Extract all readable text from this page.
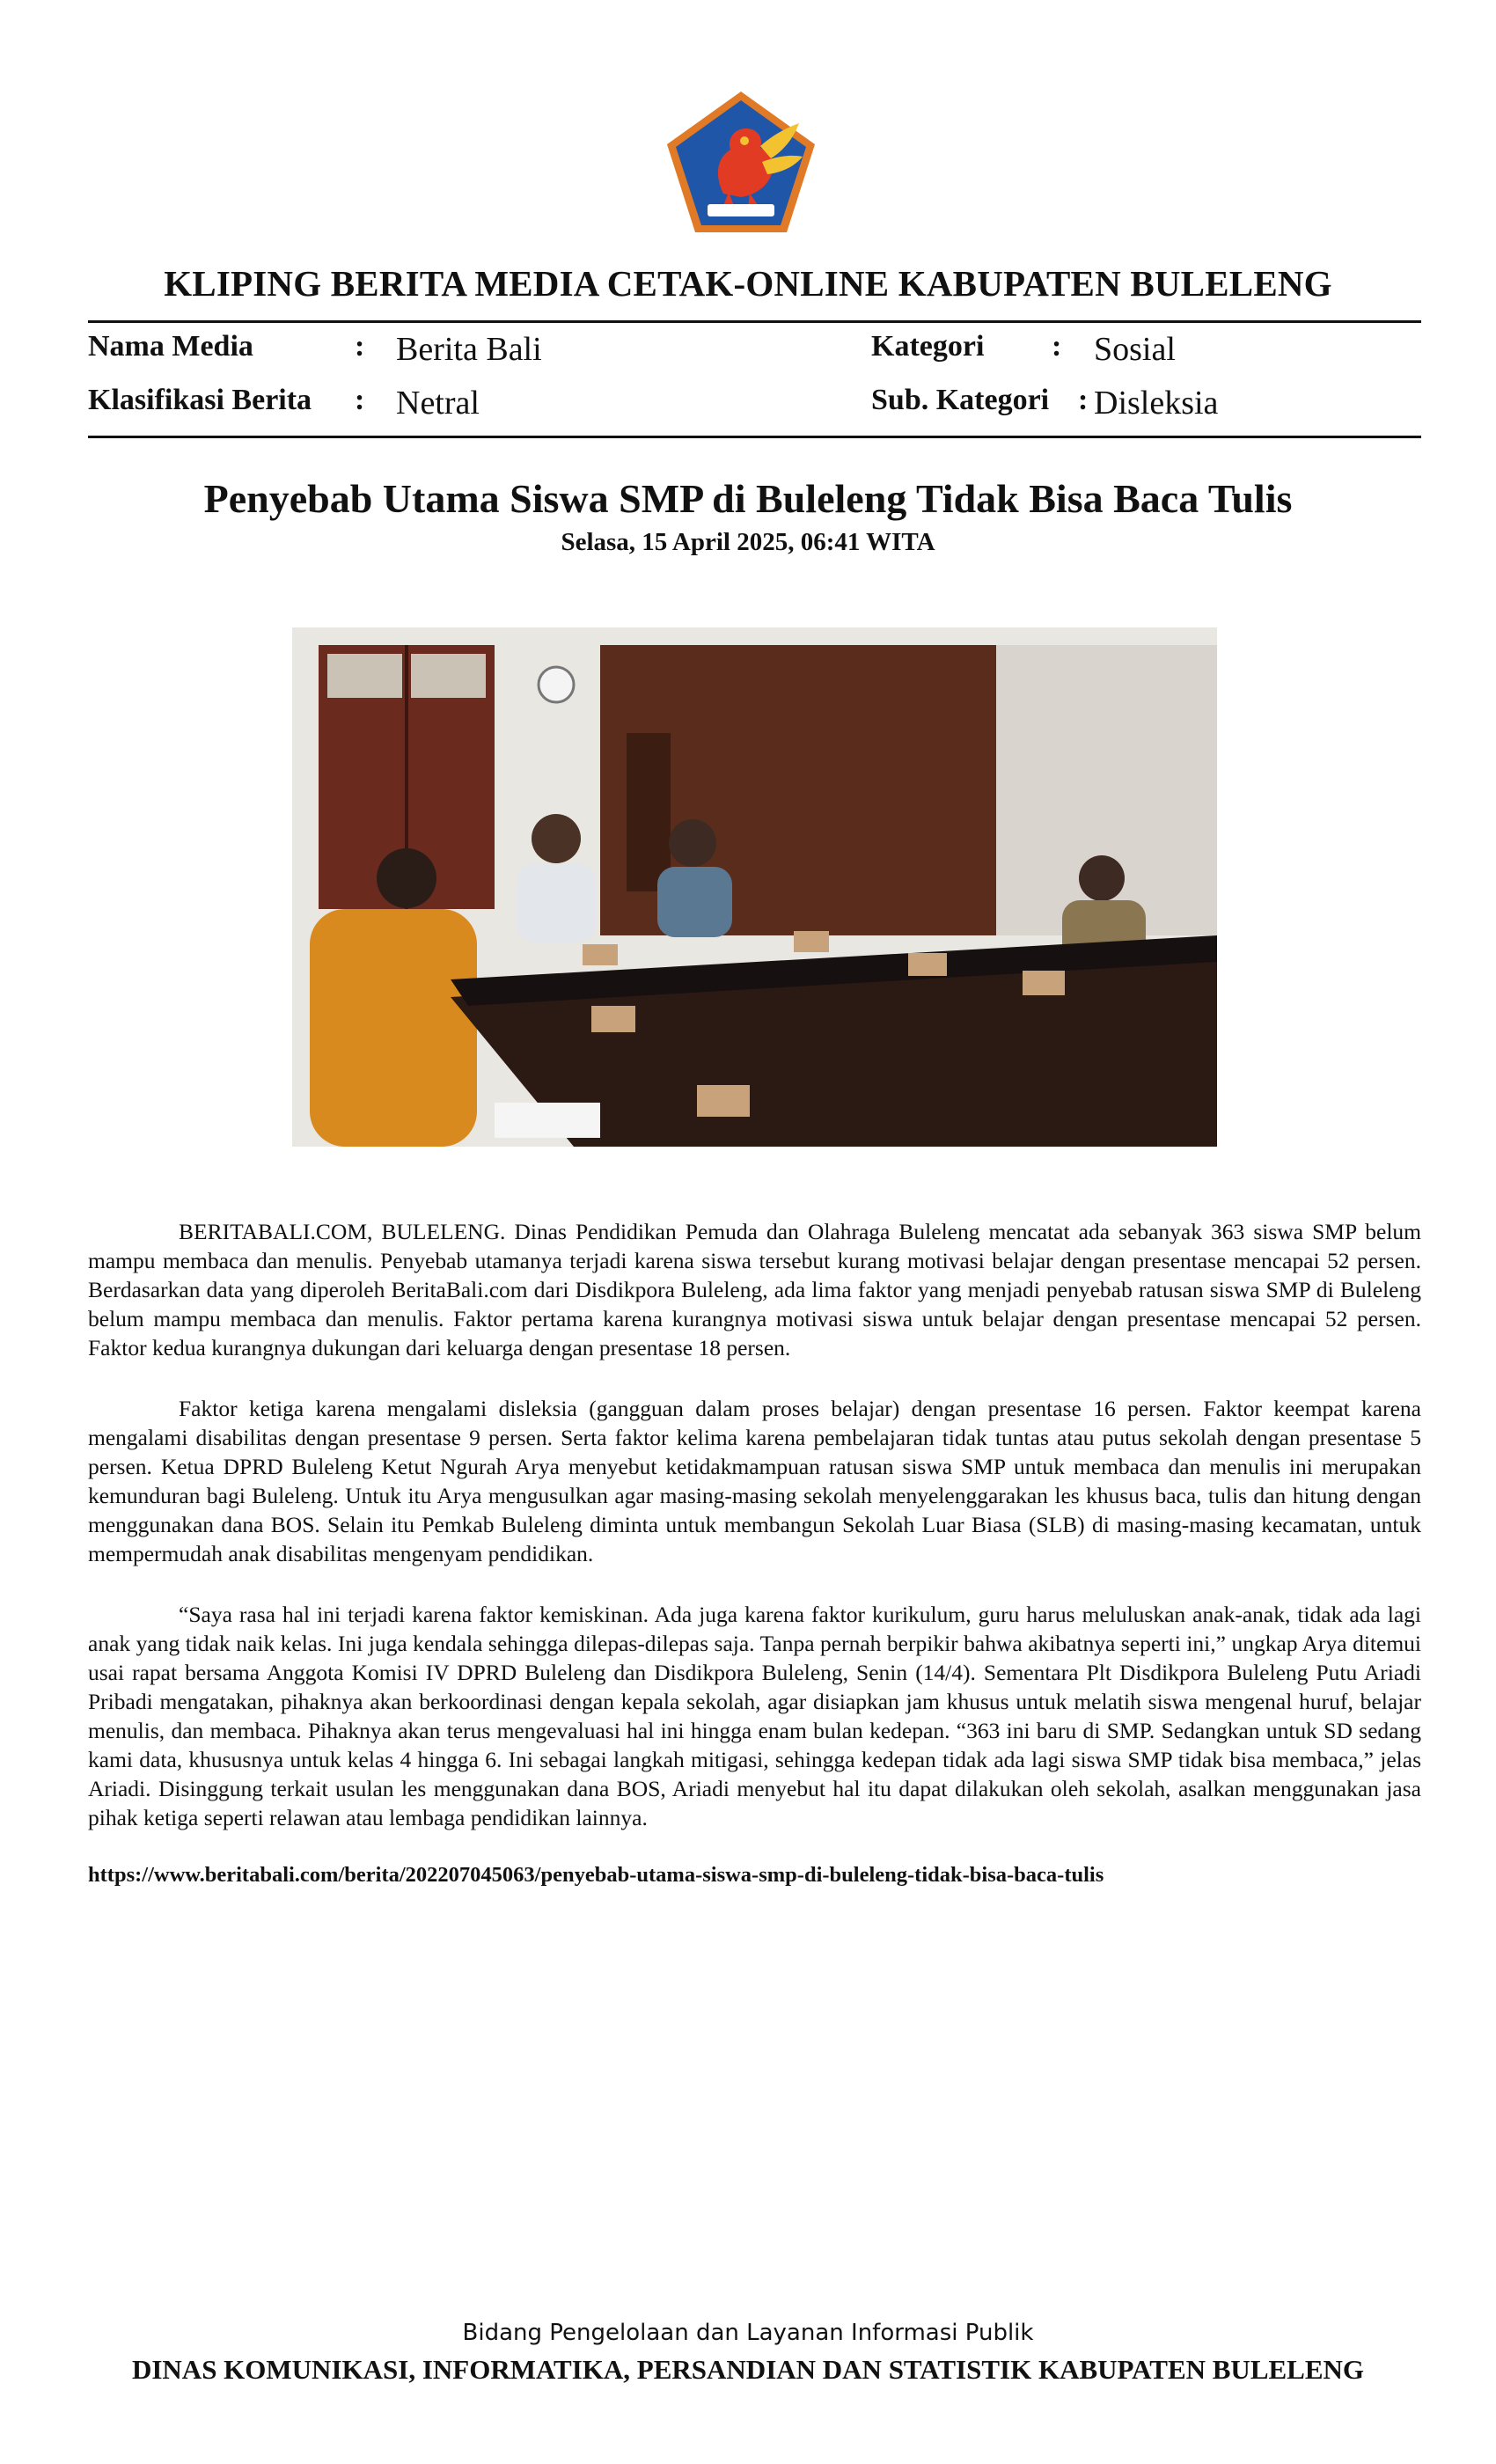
KLIPING BERITA MEDIA CETAK-ONLINE KABUPATEN BULELENG
Nama Media	: Berita Bali	Kategori : Sosial
Klasifikasi Berita : Netral	Sub. Kategori : Disleksia
Penyebab Utama Siswa SMP di Buleleng Tidak Bisa Baca Tulis
Selasa, 15 April 2025, 06:41 WITA

BERITABALI.COM, BULELENG. Dinas Pendidikan Pemuda dan Olahraga Buleleng mencatat ada sebanyak 363 siswa SMP belum mampu membaca dan menulis. Penyebab utamanya terjadi karena siswa tersebut kurang motivasi belajar dengan presentase mencapai 52 persen. Berdasarkan data yang diperoleh BeritaBali.com dari Disdikpora Buleleng, ada lima faktor yang menjadi penyebab ratusan siswa SMP di Buleleng belum mampu membaca dan menulis. Faktor pertama karena kurangnya motivasi siswa untuk belajar dengan presentase mencapai 52 persen. Faktor kedua kurangnya dukungan dari keluarga dengan presentase 18 persen.

Faktor ketiga karena mengalami disleksia (gangguan dalam proses belajar) dengan presentase 16 persen. Faktor keempat karena mengalami disabilitas dengan presentase 9 persen. Serta faktor kelima karena pembelajaran tidak tuntas atau putus sekolah dengan presentase 5 persen. Ketua DPRD Buleleng Ketut Ngurah Arya menyebut ketidakmampuan ratusan siswa SMP untuk membaca dan menulis ini merupakan kemunduran bagi Buleleng. Untuk itu Arya mengusulkan agar masing-masing sekolah menyelenggarakan les khusus baca, tulis dan hitung dengan menggunakan dana BOS. Selain itu Pemkab Buleleng diminta untuk membangun Sekolah Luar Biasa (SLB) di masing-masing kecamatan, untuk mempermudah anak disabilitas mengenyam pendidikan.

“Saya rasa hal ini terjadi karena faktor kemiskinan. Ada juga karena faktor kurikulum, guru harus meluluskan anak-anak, tidak ada lagi anak yang tidak naik kelas. Ini juga kendala sehingga dilepas-dilepas saja. Tanpa pernah berpikir bahwa akibatnya seperti ini,” ungkap Arya ditemui usai rapat bersama Anggota Komisi IV DPRD Buleleng dan Disdikpora Buleleng, Senin (14/4). Sementara Plt Disdikpora Buleleng Putu Ariadi Pribadi mengatakan, pihaknya akan berkoordinasi dengan kepala sekolah, agar disiapkan jam khusus untuk melatih siswa mengenal huruf, belajar menulis, dan membaca. Pihaknya akan terus mengevaluasi hal ini hingga enam bulan kedepan. “363 ini baru di SMP. Sedangkan untuk SD sedang kami data, khususnya untuk kelas 4 hingga 6. Ini sebagai langkah mitigasi, sehingga kedepan tidak ada lagi siswa SMP tidak bisa membaca,” jelas Ariadi. Disinggung terkait usulan les menggunakan dana BOS, Ariadi menyebut hal itu dapat dilakukan oleh sekolah, asalkan menggunakan jasa pihak ketiga seperti relawan atau lembaga pendidikan lainnya.

https://www.beritabali.com/berita/202207045063/penyebab-utama-siswa-smp-di-buleleng-tidak-bisa-baca-tulis

Bidang Pengelolaan dan Layanan Informasi Publik
DINAS KOMUNIKASI, INFORMATIKA, PERSANDIAN DAN STATISTIK KABUPATEN BULELENG
